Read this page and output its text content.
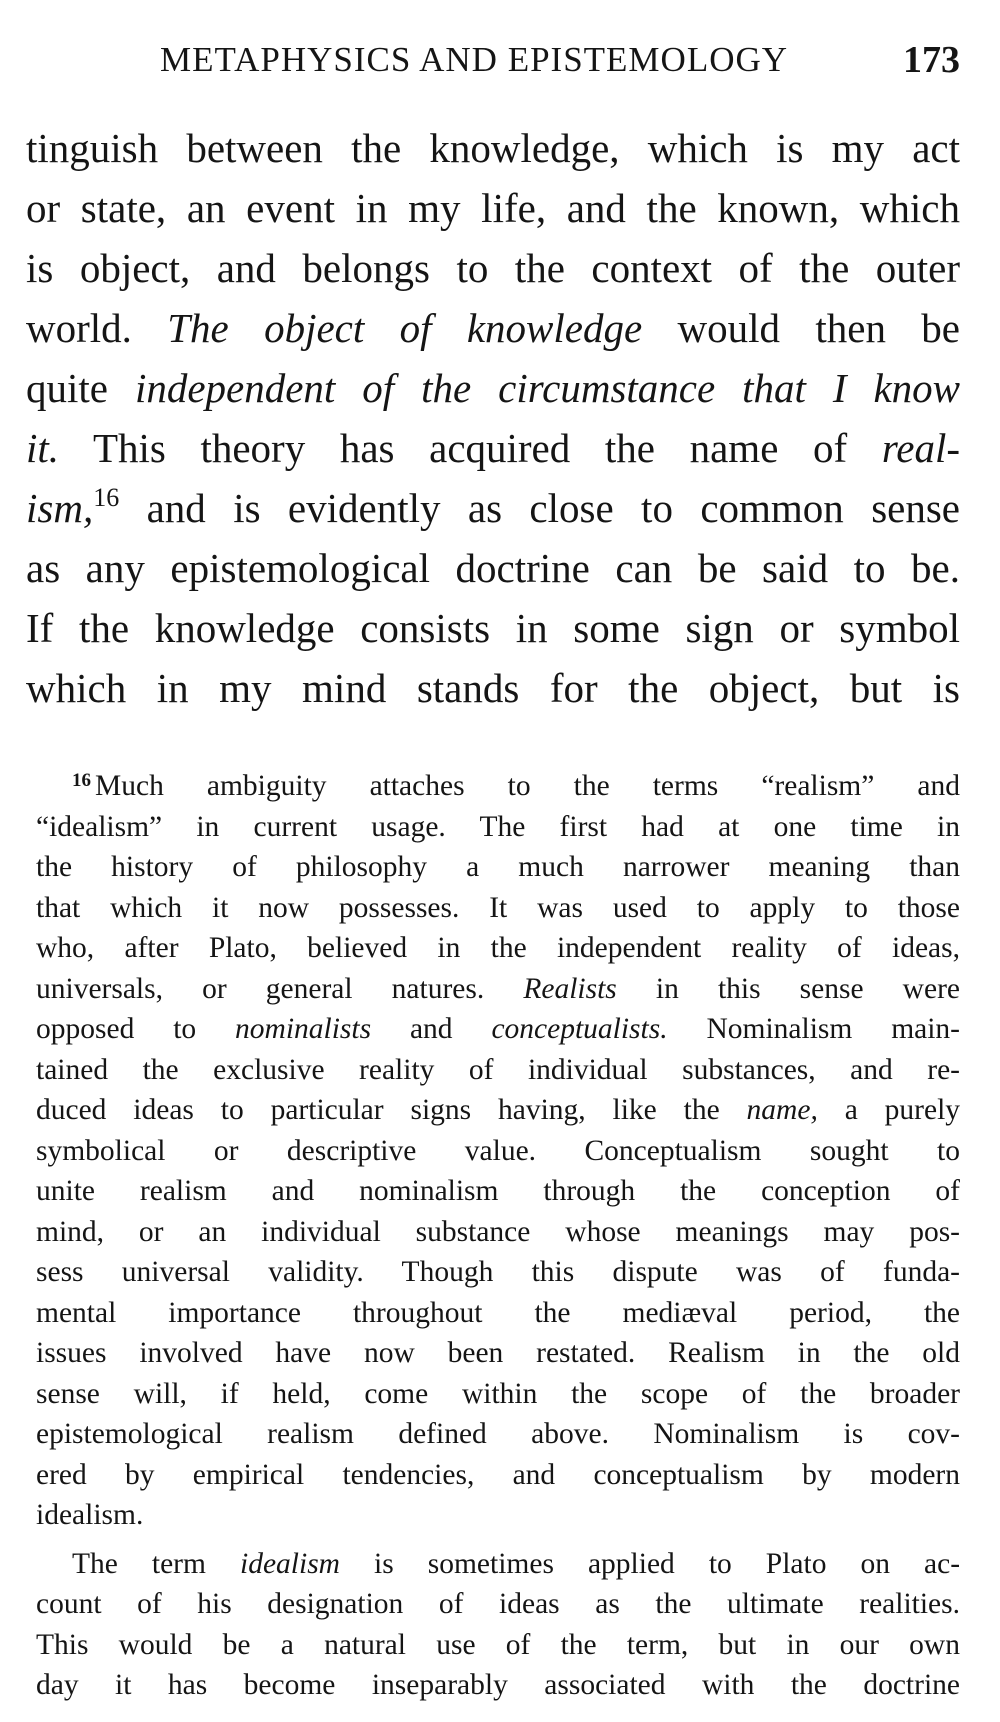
METAPHYSICS AND EPISTEMOLOGY	173
tinguish between the knowledge, which is my act
or state, an event in my life, and the known, which
is object, and belongs to the context of the outer
world. The object of knowledge would then be
quite independent of the circumstance that I know
it. This theory has acquired the name of real-
ism,$^{16}$ and is evidently as close to common sense
as any epistemological doctrine can be said to be.
If the knowledge consists in some sign or symbol
which in my mind stands for the object, but is
$^{16}$ Much ambiguity attaches to the terms “realism” and
“idealism” in current usage. The first had at one time in
the history of philosophy a much narrower meaning than
that which it now possesses. It was used to apply to those
who, after Plato, believed in the independent reality of ideas,
universals, or general natures. Realists in this sense were
opposed to nominalists and conceptualists. Nominalism main-
tained the exclusive reality of individual substances, and re-
duced ideas to particular signs having, like the name, a purely
symbolical or descriptive value. Conceptualism sought to
unite realism and nominalism through the conception of
mind, or an individual substance whose meanings may pos-
sess universal validity. Though this dispute was of funda-
mental importance throughout the mediæval period, the
issues involved have now been restated. Realism in the old
sense will, if held, come within the scope of the broader
epistemological realism defined above. Nominalism is cov-
ered by empirical tendencies, and conceptualism by modern
idealism.
The term idealism is sometimes applied to Plato on ac-
count of his designation of ideas as the ultimate realities.
This would be a natural use of the term, but in our own
day it has become inseparably associated with the doctrine
